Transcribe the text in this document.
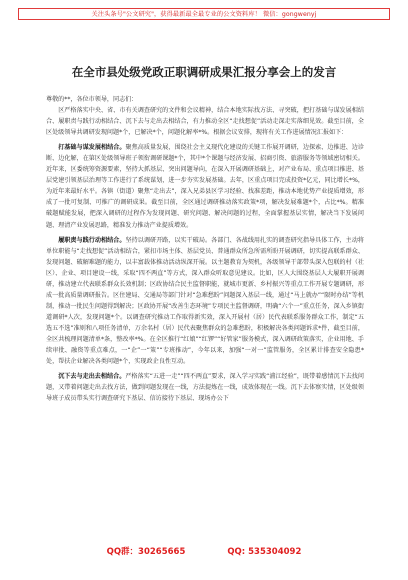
关注头条号"公文研究"，获得最新最全最专业的公文资料库！ 微信：gongwenyj
在全市县处级党政正职调研成果汇报分享会上的发言

尊敬的**，各位市领导，同志们：

区严格落实中央、省、市有关调查研究的文件和会议精神，结合本地实际找方法、寻突破，把打基础与谋发展相结合、履职责与践行动相结合、沉下去与走出去相结合，有力推动全区“走找想促”活动走深走实落细见效。截至目前，全区处级领导共调研发现问题*个，已解决*个，问题化解率*%。根据会议安排，现将有关工作进展情况汇报如下：

打基础与谋发展相结合。聚焦高质量发展，围绕社会主义现代化建设的关键工作展开调研，边探索、边推进、边诊断、边化解，在第区处级领导班子领衔调研课题*个，其中*个课题与经济发展、招商引资、旅游服务等领域密切相关。近年来，区委统筹资源要素，坚持大抓基层、突出问题导向，在深入开展调研基础上，对产业布局、重点项目推进、基层党建引领基层治理等工作进行了系统谋划，进一步夯实发展基础。去年，区重点项目完成投资*亿元，同比增长*%，为近年来最好水平。各镇（街道）聚焦“走出去”，深入兄弟县区学习经验、找准差距，推动本地优势产业提质增效，形成了一批可复制、可推广的调研成果。截至目前，全区通过调研推动落实政策*项，解决发展难题*个，占比*%。精准破题赋能发展，把深入调研的过程作为发现问题、研究问题、解决问题的过程，全面掌握基层实情，解决当下发展问题、理清产业发展思路，精准发力推动产业提质增效。

履职责与践行动相结合。坚持以调研开路，以实干破局。各部门、各战线用扎实的调查研究指导具体工作，主动将单位职能与“走找想促”活动相结合，紧扣市场主体、基层党员、普通群众所急所需所盼开展调研，切实提高联系群众、发现问题、破解难题的能力，以丰富载体推动活动纵深开展。以主题教育为契机，各级领导干部带头深入包联的村（社区）、企业、项目建设一线，采取“四不两直”等方式，深入群众听取意见建议。比如，区人大围绕基层人大履职开展调研，推动建立代表联系群众长效机制；区政协结合民主监督职能，就城市更新、乡村振兴等重点工作开展专题调研，形成一批高质量调研报告。区住建局、交通局等部门针对“急难愁盼”问题深入基层一线，通过“马上就办”“限时办结”等机制，推动一批民生问题得到解决；区政协开展“改善生态环境”专项民主监督调研，明确“六个一”重点任务，深入乡镇街道调研*人次，发现问题*个。以调查研究推动工作取得新实效，深入开展村（居）民代表联系服务群众工作，制定“五选五不选”准则和八项任务清单，万余名村（居）民代表聚焦群众的急难愁盼，积极解决各类问题诉求*件，截至目前，全区共梳理问题清单*条，整改率*%。在全区推行“红娘”“红锣”“好管家”服务模式，深入调研政策落实，企业用地、手续审批、融资等重点难点，一“企”一“策”“专班推动”，今年以来，加强“一对一”监管服务，全区累计排查安全隐患*处，帮扶企业解决各类问题*个，实现政企良性互动。

沉下去与走出去相结合。严格落实“五进一走”“四不两直”要求，深入学习实践“浦江经验”，既带着感情沉下去找问题，又带着问题走出去找方法，做到问题发现在一线，方法提炼在一线，成效体现在一线。沉下去体察实情，区处级领导班子成员带头实行调查研究下基层、信访接待下基层、现场办公下

QQ群：30265665	QQ: 535304092
